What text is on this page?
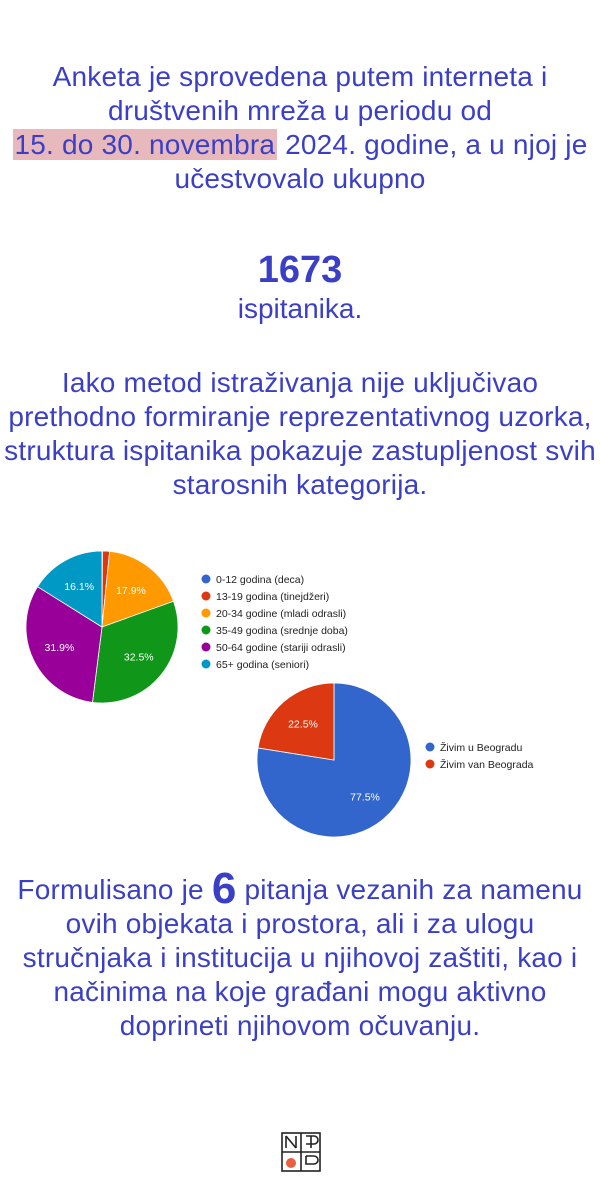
Anketa je sprovedena putem interneta i društvenih mreža u periodu od
15. do 30. novembra 2024. godine, a u njoj je učestvovalo ukupno
1673
ispitanika.
Iako metod istraživanja nije uključivao prethodno formiranje reprezentativnog uzorka, struktura ispitanika pokazuje zastupljenost svih starosnih kategorija.
17.9%
32.5%
31.9%
16.1%
0-12 godina (deca)
13-19 godina (tinejdžeri)
20-34 godine (mladi odrasli)
35-49 godina (srednje doba)
50-64 godine (stariji odrasli)
65+ godina (seniori)
77.5%
22.5%
Živim u Beogradu
Živim van Beograda
Formulisano je 6 pitanja vezanih za namenu ovih objekata i prostora, ali i za ulogu stručnjaka i institucija u njihovoj zaštiti, kao i načinima na koje građani mogu aktivno doprineti njihovom očuvanju.
